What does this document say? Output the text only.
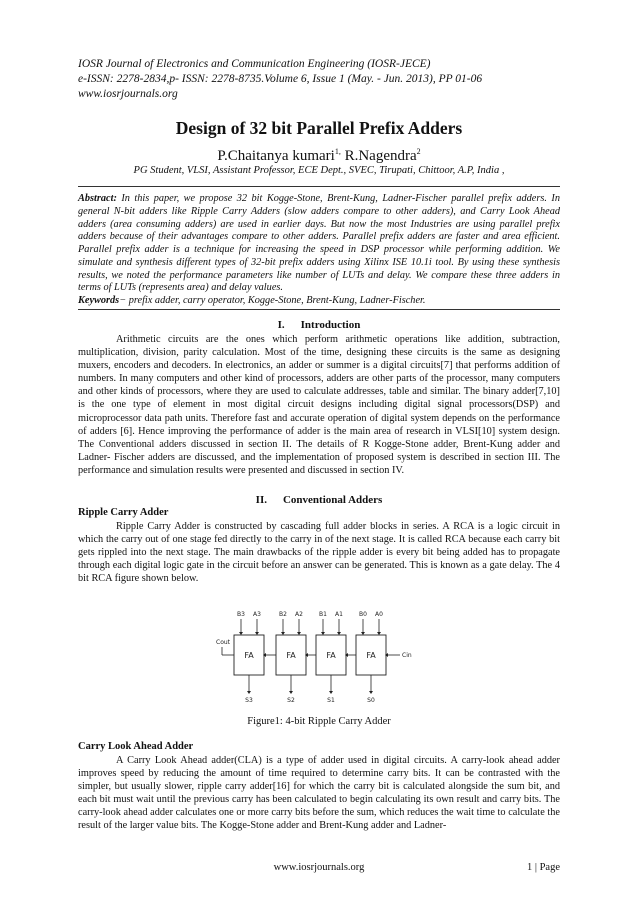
IOSR Journal of Electronics and Communication Engineering (IOSR-JECE)
e-ISSN: 2278-2834,p- ISSN: 2278-8735.Volume 6, Issue 1 (May. - Jun. 2013), PP 01-06
www.iosrjournals.org
Design of 32 bit Parallel Prefix Adders
P.Chaitanya kumari$^{1,}$ R.Nagendra$^2$
PG Student, VLSI, Assistant Professor, ECE Dept., SVEC, Tirupati, Chittoor, A.P, India ,
Abstract: In this paper, we propose 32 bit Kogge-Stone, Brent-Kung, Ladner-Fischer parallel prefix adders. In general N-bit adders like Ripple Carry Adders (slow adders compare to other adders), and Carry Look Ahead adders (area consuming adders) are used in earlier days. But now the most Industries are using parallel prefix adders because of their advantages compare to other adders. Parallel prefix adders are faster and area efficient. Parallel prefix adder is a technique for increasing the speed in DSP processor while performing addition. We simulate and synthesis different types of 32-bit prefix adders using Xilinx ISE 10.1i tool. By using these synthesis results, we noted the performance parameters like number of LUTs and delay. We compare these three adders in terms of LUTs (represents area) and delay values.
Keywords− prefix adder, carry operator, Kogge-Stone, Brent-Kung, Ladner-Fischer.
I. Introduction
Arithmetic circuits are the ones which perform arithmetic operations like addition, subtraction, multiplication, division, parity calculation. Most of the time, designing these circuits is the same as designing muxers, encoders and decoders. In electronics, an adder or summer is a digital circuits[7] that performs addition of numbers. In many computers and other kind of processors, adders are other parts of the processor, many computers and other kinds of processors, where they are used to calculate addresses, table and similar. The binary adder[7,10] is the one type of element in most digital circuit designs including digital signal processors(DSP) and microprocessor data path units. Therefore fast and accurate operation of digital system depends on the performance of adders [6]. Hence improving the performance of adder is the main area of research in VLSI[10] system design. The Conventional adders discussed in section II. The details of R Kogge-Stone adder, Brent-Kung adder and Ladner- Fischer adders are discussed, and the implementation of proposed system is described in section III. The performance and simulation results were presented and discussed in section IV.
II. Conventional Adders
Ripple Carry Adder
Ripple Carry Adder is constructed by cascading full adder blocks in series. A RCA is a logic circuit in which the carry out of one stage fed directly to the carry in of the next stage. It is called RCA because each carry bit gets rippled into the next stage. The main drawbacks of the ripple adder is every bit being added has to propagate through each digital logic gate in the circuit before an answer can be generated. This is known as a gate delay. The 4 bit RCA figure shown below.
B3 A3	B2 A2	B1 A1	B0 A0
FA	FA	FA	FA
Cout
Cin
S3	S2	S1	S0
Figure1: 4-bit Ripple Carry Adder
Carry Look Ahead Adder
A Carry Look Ahead adder(CLA) is a type of adder used in digital circuits. A carry-look ahead adder improves speed by reducing the amount of time required to determine carry bits. It can be contrasted with the simpler, but usually slower, ripple carry adder[16] for which the carry bit is calculated alongside the sum bit, and each bit must wait until the previous carry has been calculated to begin calculating its own result and carry bits. The carry-look ahead adder calculates one or more carry bits before the sum, which reduces the wait time to calculate the result of the larger value bits. The Kogge-Stone adder and Brent-Kung adder and Ladner-
www.iosrjournals.org	1 | Page
